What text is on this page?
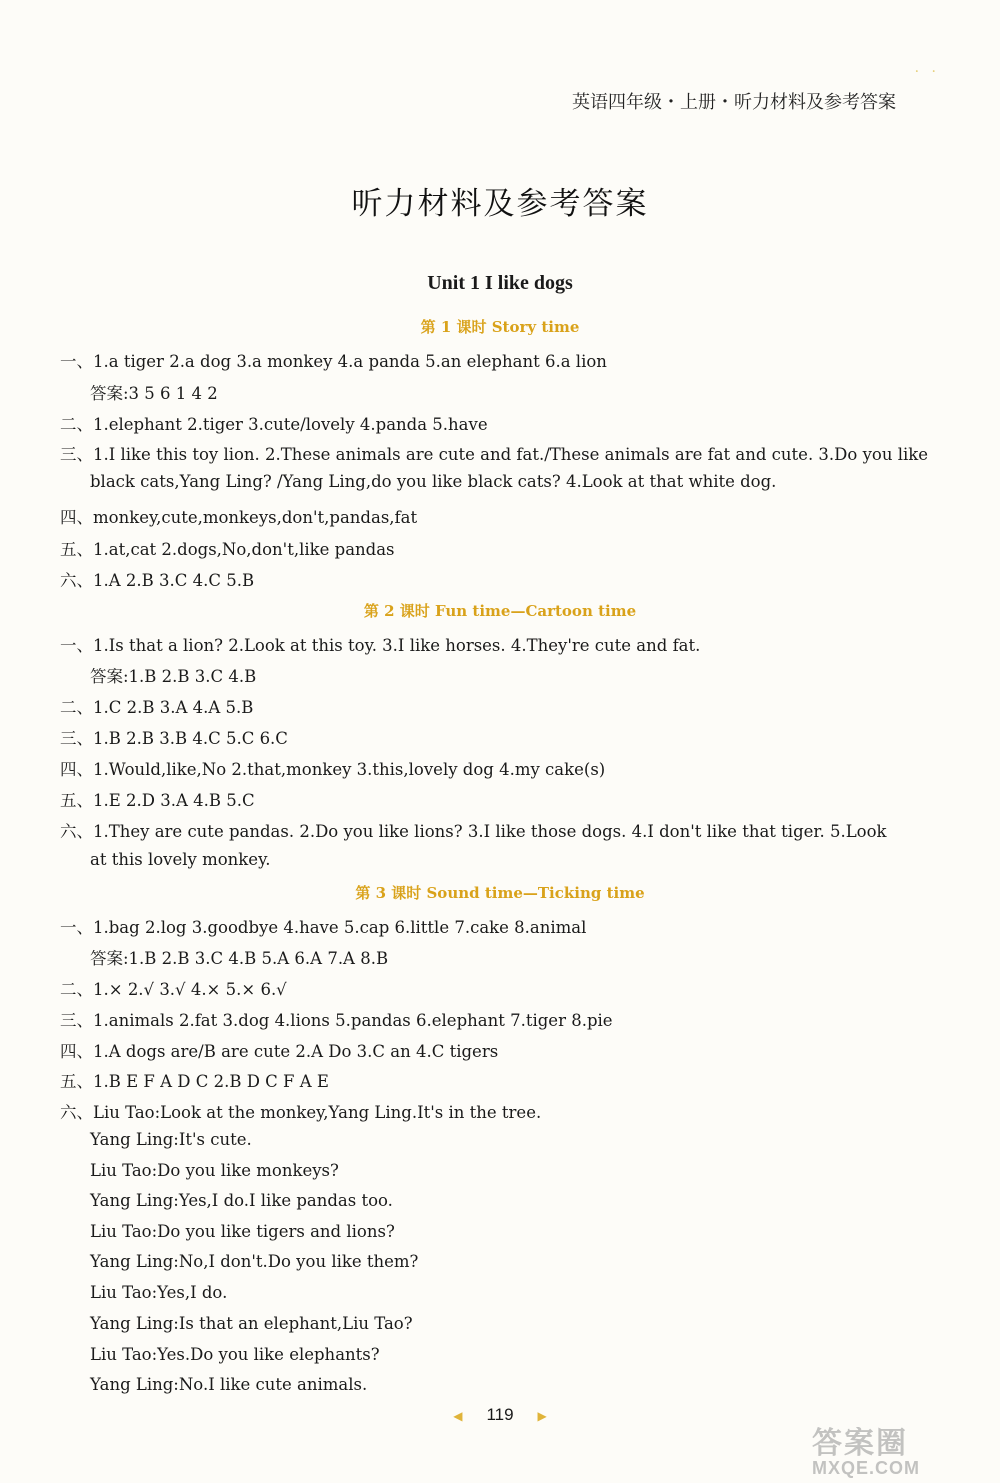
· ·
英语四年级・上册・听力材料及参考答案
听力材料及参考答案
Unit 1 I like dogs
第 1 课时 Story time
第 2 课时 Fun time—Cartoon time
第 3 课时 Sound time—Ticking time
一、1.a tiger 2.a dog 3.a monkey 4.a panda 5.an elephant 6.a lion
答案:3 5 6 1 4 2
二、1.elephant 2.tiger 3.cute/lovely 4.panda 5.have
三、1.I like this toy lion. 2.These animals are cute and fat./These animals are fat and cute. 3.Do you like
black cats,Yang Ling? /Yang Ling,do you like black cats? 4.Look at that white dog.
四、monkey,cute,monkeys,don't,pandas,fat
五、1.at,cat 2.dogs,No,don't,like pandas
六、1.A 2.B 3.C 4.C 5.B
一、1.Is that a lion? 2.Look at this toy. 3.I like horses. 4.They're cute and fat.
答案:1.B 2.B 3.C 4.B
二、1.C 2.B 3.A 4.A 5.B
三、1.B 2.B 3.B 4.C 5.C 6.C
四、1.Would,like,No 2.that,monkey 3.this,lovely dog 4.my cake(s)
五、1.E 2.D 3.A 4.B 5.C
六、1.They are cute pandas. 2.Do you like lions? 3.I like those dogs. 4.I don't like that tiger. 5.Look
at this lovely monkey.
一、1.bag 2.log 3.goodbye 4.have 5.cap 6.little 7.cake 8.animal
答案:1.B 2.B 3.C 4.B 5.A 6.A 7.A 8.B
二、1.× 2.√ 3.√ 4.× 5.× 6.√
三、1.animals 2.fat 3.dog 4.lions 5.pandas 6.elephant 7.tiger 8.pie
四、1.A dogs are/B are cute 2.A Do 3.C an 4.C tigers
五、1.B E F A D C 2.B D C F A E
六、Liu Tao:Look at the monkey,Yang Ling.It's in the tree.
Yang Ling:It's cute.
Liu Tao:Do you like monkeys?
Yang Ling:Yes,I do.I like pandas too.
Liu Tao:Do you like tigers and lions?
Yang Ling:No,I don't.Do you like them?
Liu Tao:Yes,I do.
Yang Ling:Is that an elephant,Liu Tao?
Liu Tao:Yes.Do you like elephants?
Yang Ling:No.I like cute animals.
◀ 119 ▶
答案圈
MXQE.COM
